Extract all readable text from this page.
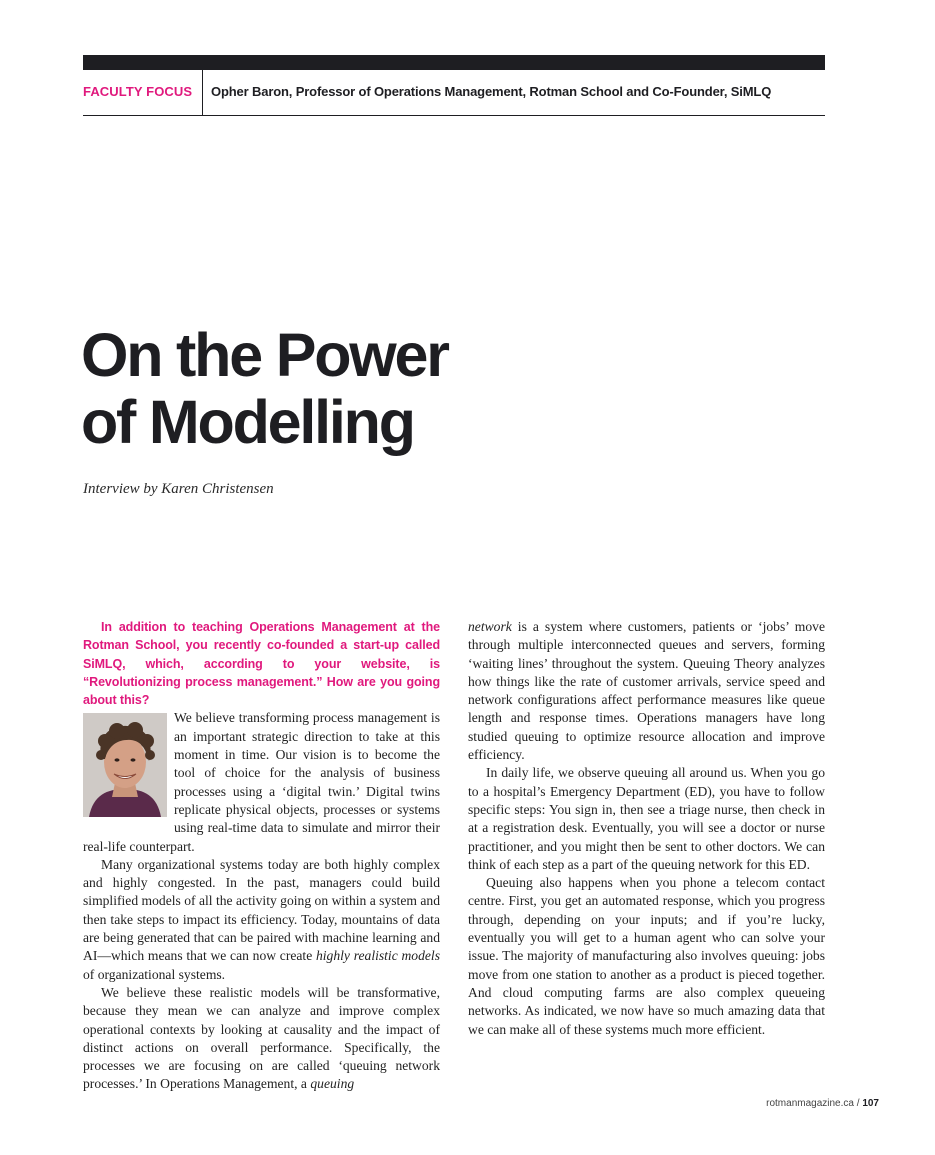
FACULTY FOCUS Opher Baron, Professor of Operations Management, Rotman School and Co-Founder, SiMLQ
On the Power
of Modelling
Interview by Karen Christensen

In addition to teaching Operations Management at the Rotman School, you recently co-founded a start-up called SiMLQ, which, according to your website, is “Revolutionizing process management.” How are you going about this?

We believe transforming process management is an important strategic direction to take at this moment in time. Our vision is to become the tool of choice for the analysis of business processes using a ‘digital twin.’ Digital twins replicate physical objects, processes or systems using real-time data to simulate and mirror their real-life counterpart.

Many organizational systems today are both highly complex and highly congested. In the past, managers could build simplified models of all the activity going on within a system and then take steps to impact its efficiency. Today, mountains of data are being generated that can be paired with machine learning and AI—which means that we can now create highly realistic models of organizational systems.

We believe these realistic models will be transformative, because they mean we can analyze and improve complex operational contexts by looking at causality and the impact of distinct actions on overall performance. Specifically, the processes we are focusing on are called ‘queuing network processes.’ In Operations Management, a queuing

network is a system where customers, patients or ‘jobs’ move through multiple interconnected queues and servers, forming ‘waiting lines’ throughout the system. Queuing Theory analyzes how things like the rate of customer arrivals, service speed and network configurations affect performance measures like queue length and response times. Operations managers have long studied queuing to optimize resource allocation and improve efficiency.

In daily life, we observe queuing all around us. When you go to a hospital’s Emergency Department (ED), you have to follow specific steps: You sign in, then see a triage nurse, then check in at a registration desk. Eventually, you will see a doctor or nurse practitioner, and you might then be sent to other doctors. We can think of each step as a part of the queuing network for this ED.

Queuing also happens when you phone a telecom contact centre. First, you get an automated response, which you progress through, depending on your inputs; and if you’re lucky, eventually you will get to a human agent who can solve your issue. The majority of manufacturing also involves queuing: jobs move from one station to another as a product is pieced together. And cloud computing farms are also complex queueing networks. As indicated, we now have so much amazing data that we can make all of these systems much more efficient.

rotmanmagazine.ca / 107
